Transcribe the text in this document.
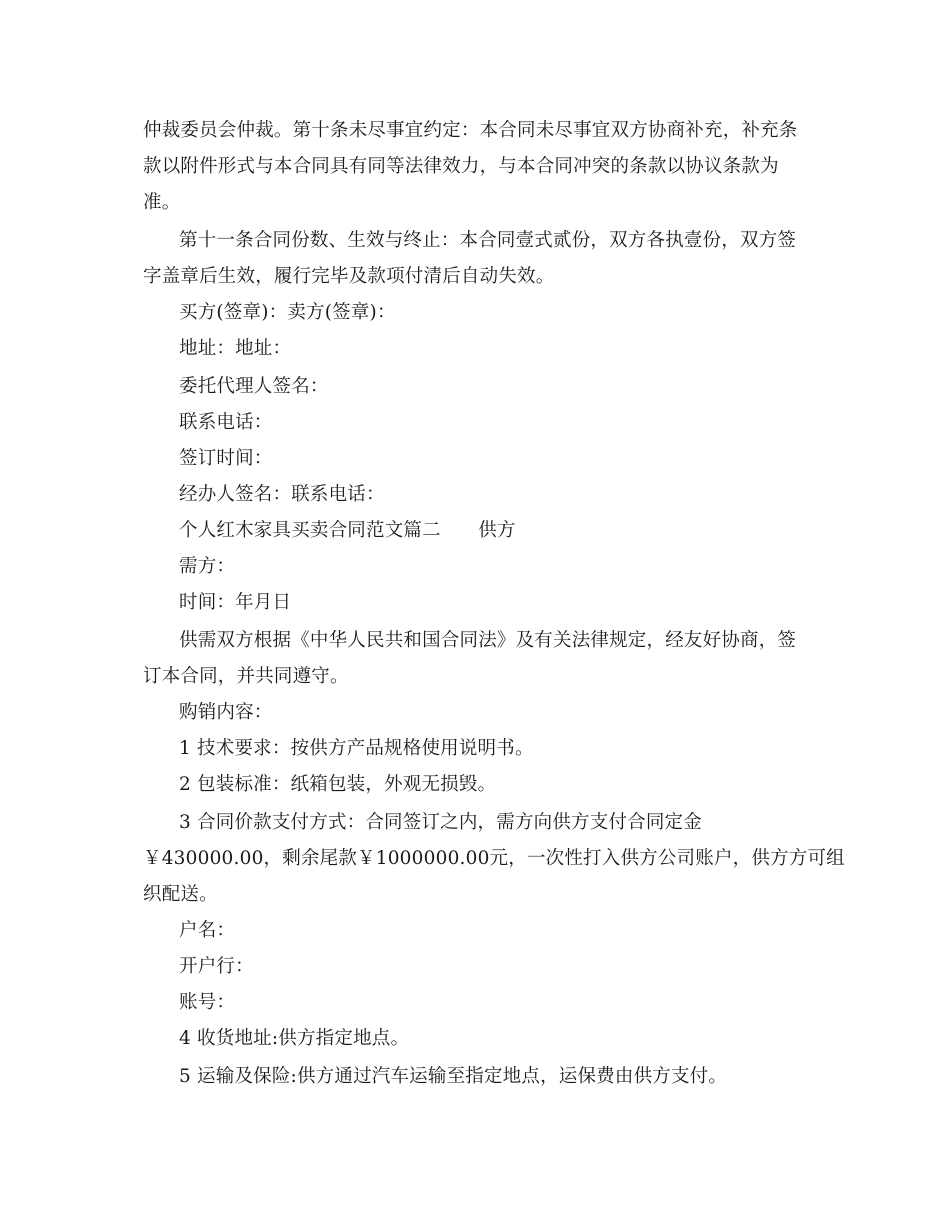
仲裁委员会仲裁。第十条未尽事宜约定：本合同未尽事宜双方协商补充，补充条
款以附件形式与本合同具有同等法律效力，与本合同冲突的条款以协议条款为
准。
第十一条合同份数、生效与终止：本合同壹式贰份，双方各执壹份，双方签
字盖章后生效，履行完毕及款项付清后自动失效。
买方(签章)：卖方(签章)：
地址：地址：
委托代理人签名：
联系电话：
签订时间：
经办人签名：联系电话：
个人红木家具买卖合同范文篇二　　供方
需方：
时间：年月日
供需双方根据《中华人民共和国合同法》及有关法律规定，经友好协商，签
订本合同，并共同遵守。
购销内容：
1 技术要求：按供方产品规格使用说明书。
2 包装标准：纸箱包装，外观无损毁。
3 合同价款支付方式：合同签订之内，需方向供方支付合同定金
￥430000.00，剩余尾款￥1000000.00元，一次性打入供方公司账户，供方方可组
织配送。
户名：
开户行：
账号：
4 收货地址:供方指定地点。
5 运输及保险:供方通过汽车运输至指定地点，运保费由供方支付。
